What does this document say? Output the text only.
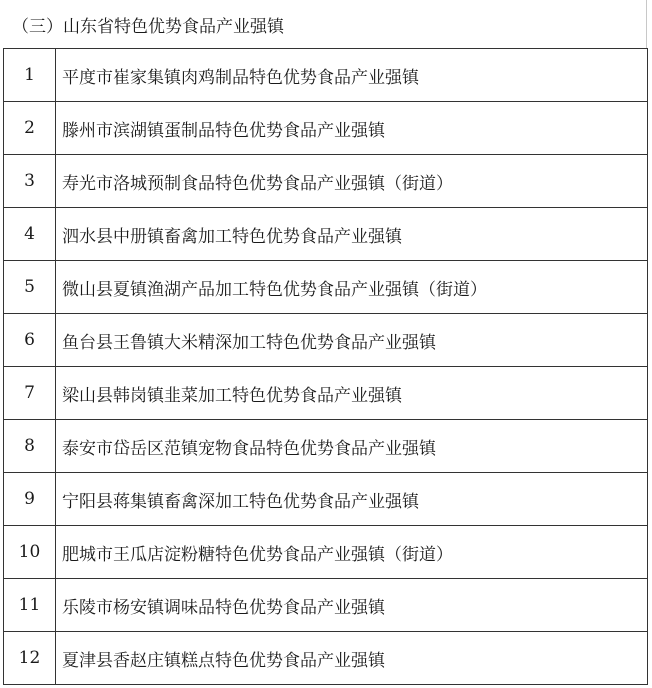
（三）山东省特色优势食品产业强镇
1	平度市崔家集镇肉鸡制品特色优势食品产业强镇
2	滕州市滨湖镇蛋制品特色优势食品产业强镇
3	寿光市洛城预制食品特色优势食品产业强镇（街道）
4	泗水县中册镇畜禽加工特色优势食品产业强镇
5	微山县夏镇渔湖产品加工特色优势食品产业强镇（街道）
6	鱼台县王鲁镇大米精深加工特色优势食品产业强镇
7	梁山县韩岗镇韭菜加工特色优势食品产业强镇
8	泰安市岱岳区范镇宠物食品特色优势食品产业强镇
9	宁阳县蒋集镇畜禽深加工特色优势食品产业强镇
10	肥城市王瓜店淀粉糖特色优势食品产业强镇（街道）
11	乐陵市杨安镇调味品特色优势食品产业强镇
12	夏津县香赵庄镇糕点特色优势食品产业强镇
